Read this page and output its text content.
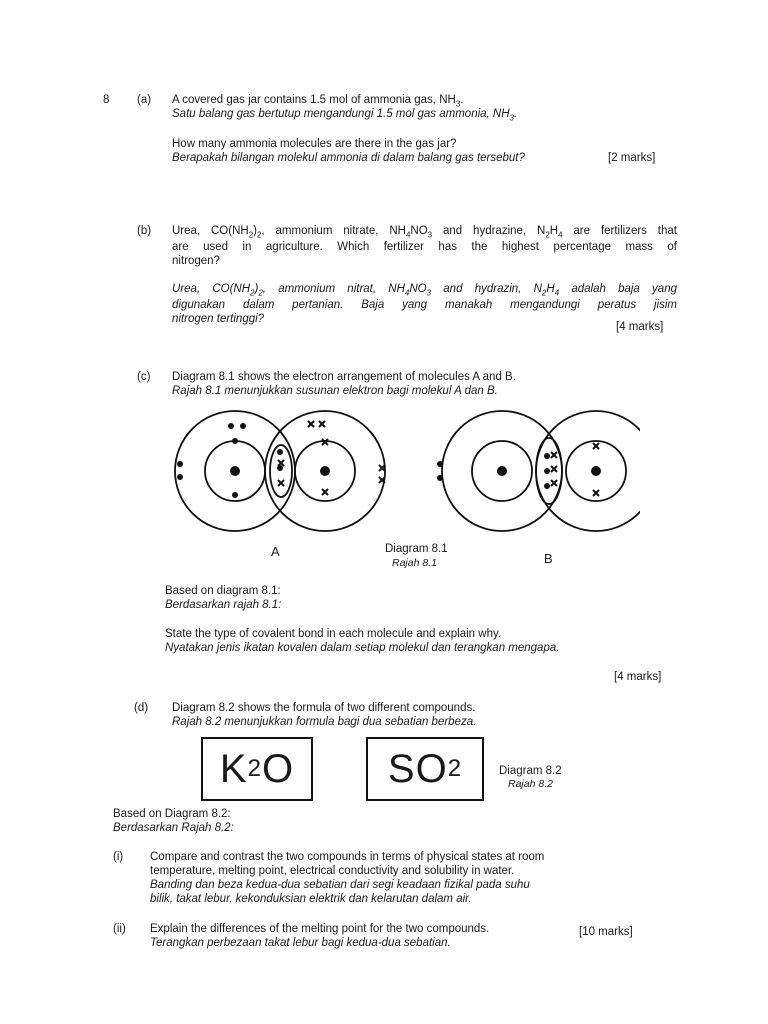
8 (a) A covered gas jar contains 1.5 mol of ammonia gas, $NH_3$.
Satu balang gas bertutup mengandungi 1.5 mol gas ammonia, $NH_3$.
How many ammonia molecules are there in the gas jar?
Berapakah bilangan molekul ammonia di dalam balang gas tersebut?	[2 marks]
(b) Urea, $CO(NH_2)_2$, ammonium nitrate, $NH_4NO_3$ and hydrazine, $N_2H_4$ are fertilizers that
are used in agriculture. Which fertilizer has the highest percentage mass of
nitrogen?
Urea, $CO(NH_2)_2$, ammonium nitrat, $NH_4NO_3$ and hydrazin, $N_2H_4$ adalah baja yang
digunakan dalam pertanian. Baja yang manakah mengandungi peratus jisim
nitrogen tertinggi?
[4 marks]
(c) Diagram 8.1 shows the electron arrangement of molecules A and B.
Rajah 8.1 menunjukkan susunan elektron bagi molekul A dan B.
A	Diagram 8.1
Rajah 8.1	B
Based on diagram 8.1:
Berdasarkan rajah 8.1:
State the type of covalent bond in each molecule and explain why.
Nyatakan jenis ikatan kovalen dalam setiap molekul dan terangkan mengapa.
[4 marks]
(d) Diagram 8.2 shows the formula of two different compounds.
Rajah 8.2 menunjukkan formula bagi dua sebatian berbeza.
K 2 O	SO 2	Diagram 8.2
Rajah 8.2
Based on Diagram 8.2:
Berdasarkan Rajah 8.2:
(i) Compare and contrast the two compounds in terms of physical states at room
temperature, melting point, electrical conductivity and solubility in water.
Banding dan beza kedua-dua sebatian dari segi keadaan fizikal pada suhu
bilik, takat lebur, kekonduksian elektrik dan kelarutan dalam air.
(ii) Explain the differences of the melting point for the two compounds.
Terangkan perbezaan takat lebur bagi kedua-dua sebatian.
[10 marks]
